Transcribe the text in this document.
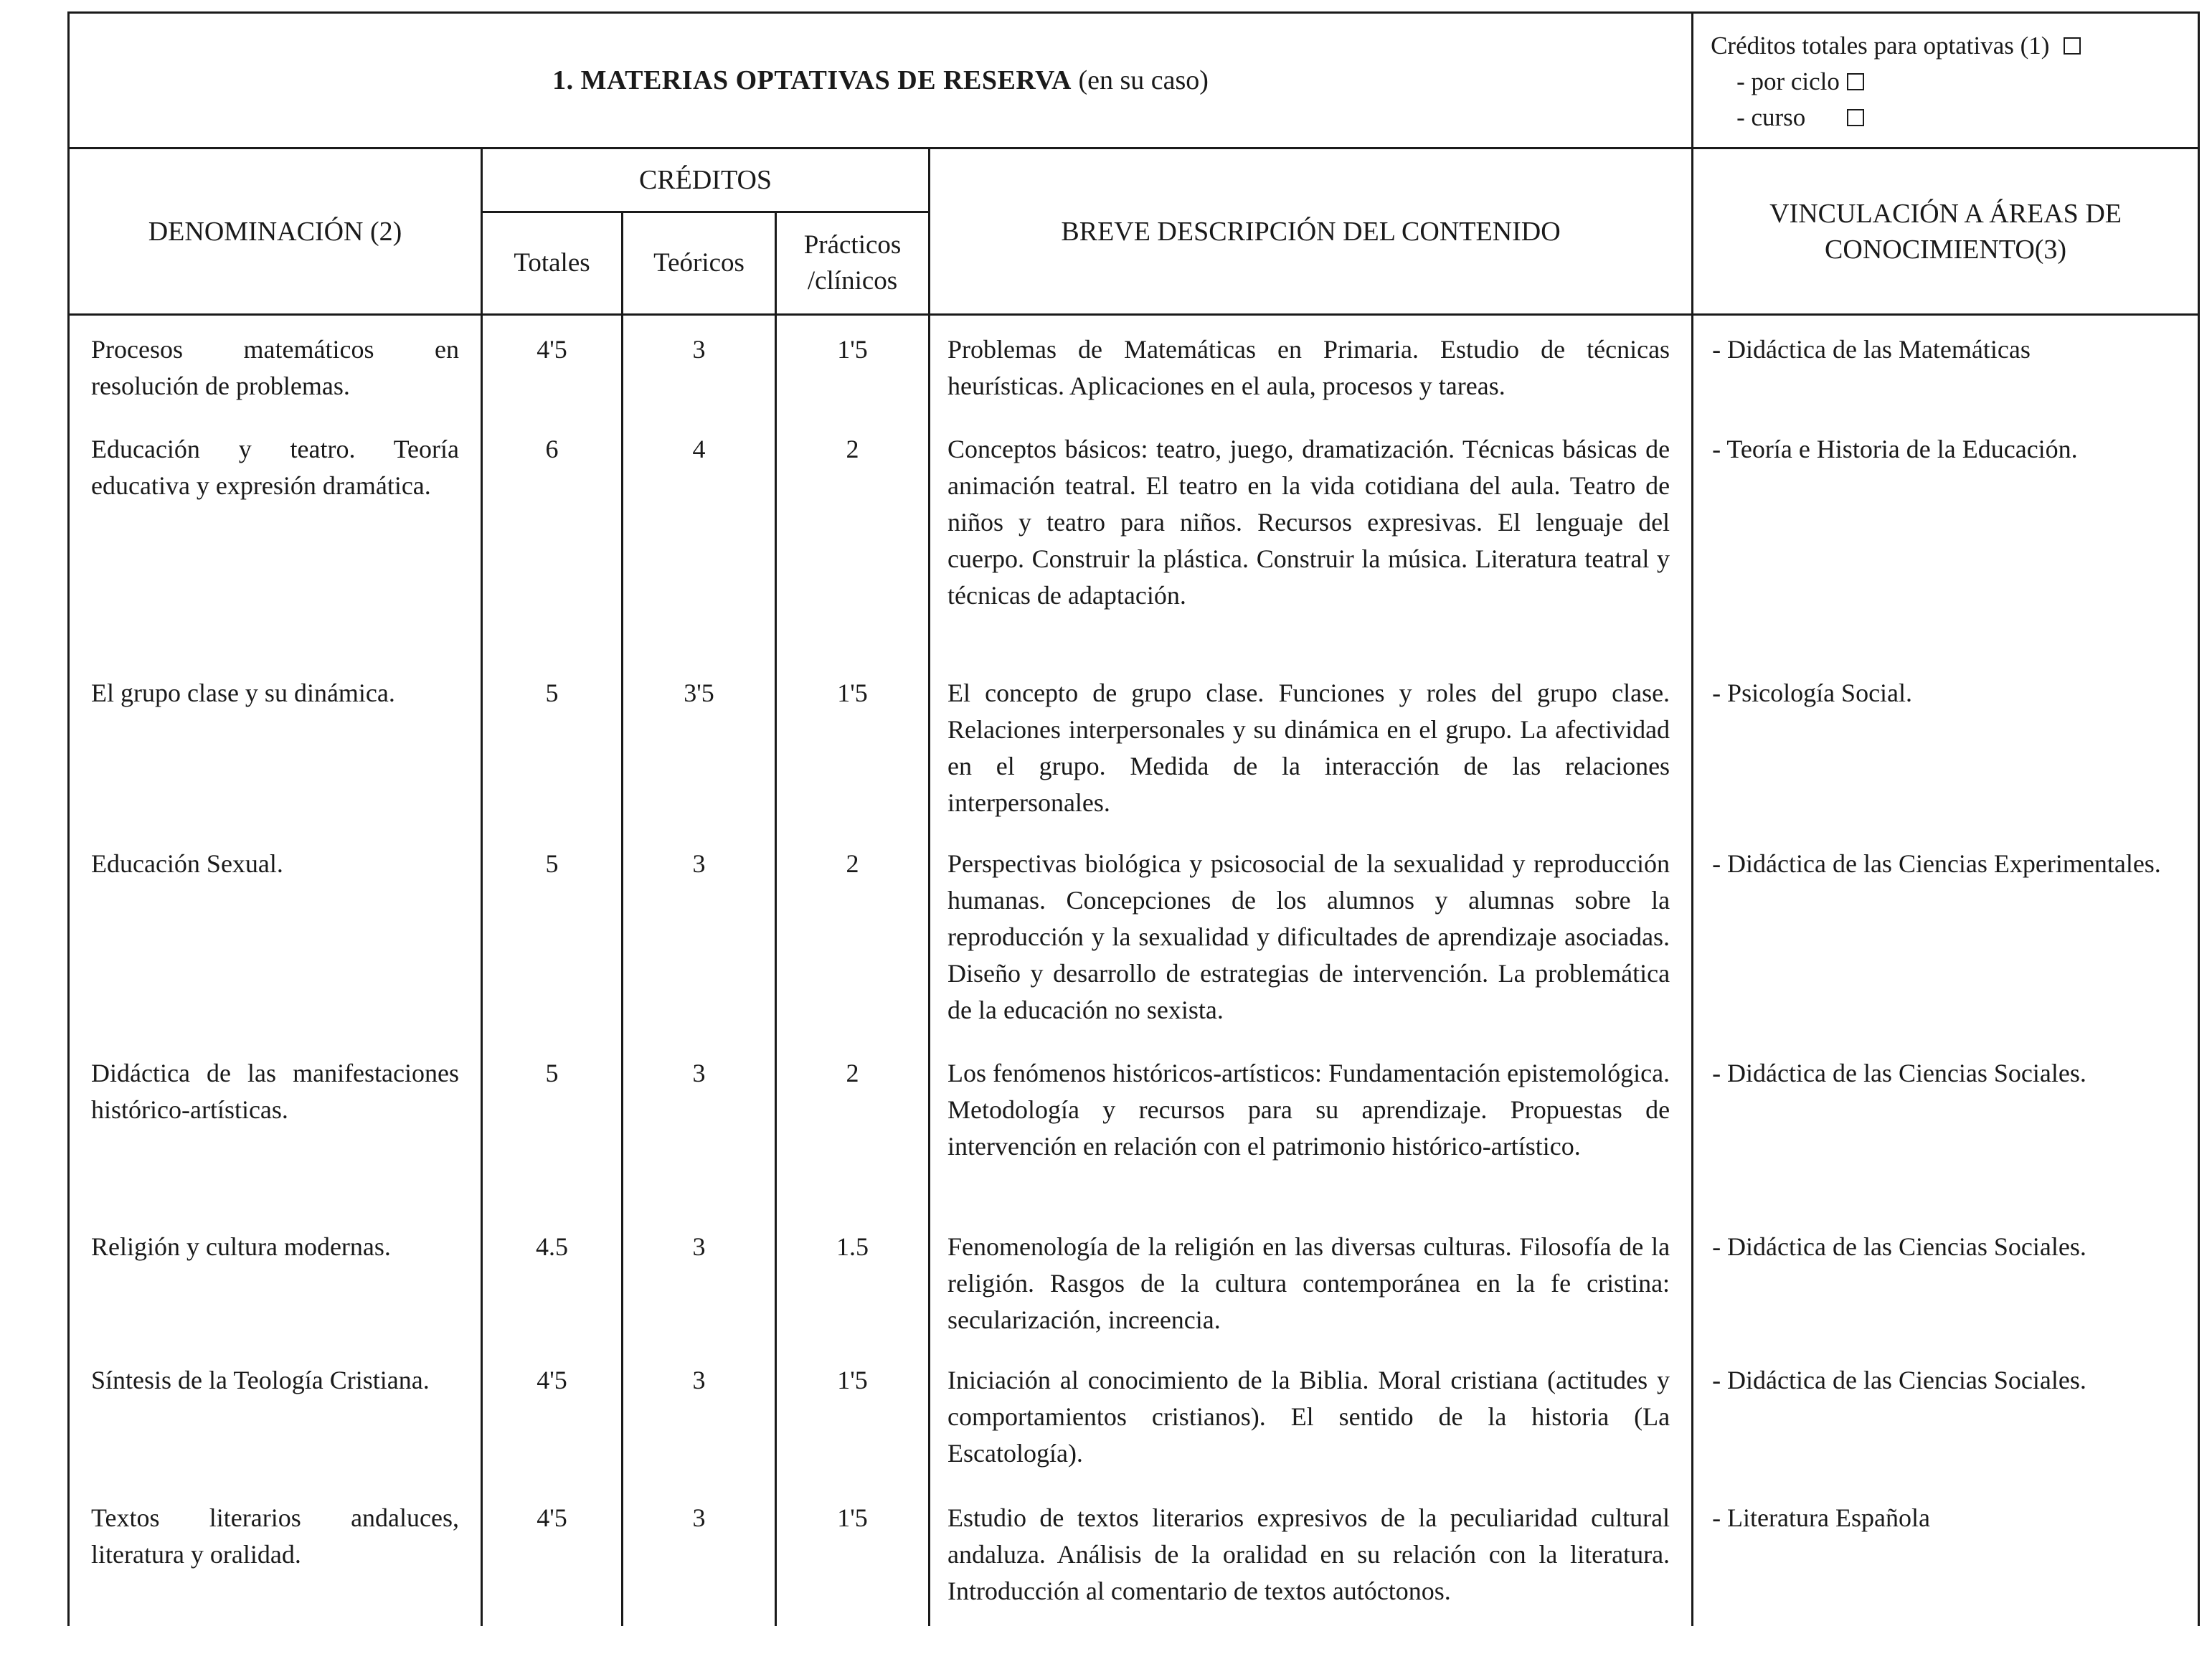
1. MATERIAS OPTATIVAS DE RESERVA (en su caso)					Créditos totales para optativas (1)
- por ciclo
- curso

DENOMINACIÓN (2)	CRÉDITOS			BREVE DESCRIPCIÓN DEL CONTENIDO	VINCULACIÓN A ÁREAS DE CONOCIMIENTO(3)
	Totales	Teóricos	Prácticos /clínicos		
Procesos matemáticos en resolución de problemas.	4'5	3	1'5	Problemas de Matemáticas en Primaria. Estudio de técnicas heurísticas. Aplicaciones en el aula, procesos y tareas.	- Didáctica de las Matemáticas
Educación y teatro. Teoría educativa y expresión dramática.	6	4	2	Conceptos básicos: teatro, juego, dramatización. Técnicas básicas de animación teatral. El teatro en la vida cotidiana del aula. Teatro de niños y teatro para niños. Recursos expresivas. El lenguaje del cuerpo. Construir la plástica. Construir la música. Literatura teatral y técnicas de adaptación.	- Teoría e Historia de la Educación.
El grupo clase y su dinámica.	5	3'5	1'5	El concepto de grupo clase. Funciones y roles del grupo clase. Relaciones interpersonales y su dinámica en el grupo. La afectividad en el grupo. Medida de la interacción de las relaciones interpersonales.	- Psicología Social.
Educación Sexual.	5	3	2	Perspectivas biológica y psicosocial de la sexualidad y reproducción humanas. Concepciones de los alumnos y alumnas sobre la reproducción y la sexualidad y dificultades de aprendizaje asociadas. Diseño y desarrollo de estrategias de intervención. La problemática de la educación no sexista.	- Didáctica de las Ciencias Experimentales.
Didáctica de las manifestaciones histórico-artísticas.	5	3	2	Los fenómenos históricos-artísticos: Fundamentación epistemológica. Metodología y recursos para su aprendizaje. Propuestas de intervención en relación con el patrimonio histórico-artístico.	- Didáctica de las Ciencias Sociales.
Religión y cultura modernas.	4.5	3	1.5	Fenomenología de la religión en las diversas culturas. Filosofía de la religión. Rasgos de la cultura contemporánea en la fe cristina: secularización, increencia.	- Didáctica de las Ciencias Sociales.
Síntesis de la Teología Cristiana.	4'5	3	1'5	Iniciación al conocimiento de la Biblia. Moral cristiana (actitudes y comportamientos cristianos). El sentido de la historia (La Escatología).	- Didáctica de las Ciencias Sociales.
Textos literarios andaluces, literatura y oralidad.	4'5	3	1'5	Estudio de textos literarios expresivos de la peculiaridad cultural andaluza. Análisis de la oralidad en su relación con la literatura. Introducción al comentario de textos autóctonos.	- Literatura Española
